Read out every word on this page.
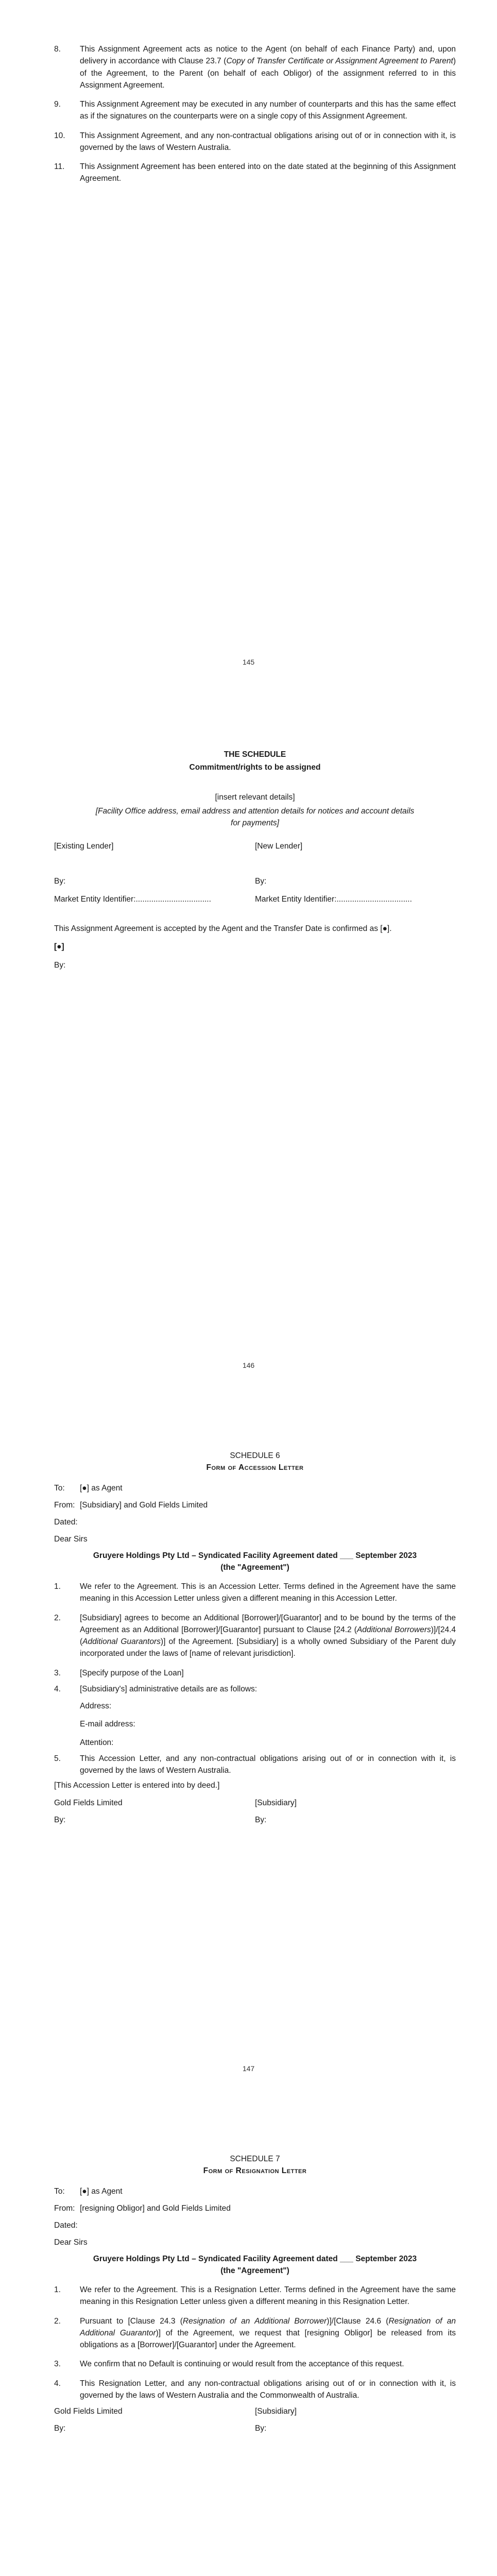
8. This Assignment Agreement acts as notice to the Agent (on behalf of each Finance Party) and, upon delivery in accordance with Clause 23.7 (Copy of Transfer Certificate or Assignment Agreement to Parent) of the Agreement, to the Parent (on behalf of each Obligor) of the assignment referred to in this Assignment Agreement.
9. This Assignment Agreement may be executed in any number of counterparts and this has the same effect as if the signatures on the counterparts were on a single copy of this Assignment Agreement.
10. This Assignment Agreement, and any non-contractual obligations arising out of or in connection with it, is governed by the laws of Western Australia.
11. This Assignment Agreement has been entered into on the date stated at the beginning of this Assignment Agreement.
145
THE SCHEDULE
Commitment/rights to be assigned
[insert relevant details]
[Facility Office address, email address and attention details for notices and account details for payments]
[Existing Lender]	[New Lender]
By:	By:
Market Entity Identifier:..................................	Market Entity Identifier:..................................
This Assignment Agreement is accepted by the Agent and the Transfer Date is confirmed as [●].
[●]
By:
146
SCHEDULE 6
Form of Accession Letter
To: [●] as Agent
From: [Subsidiary] and Gold Fields Limited
Dated:
Dear Sirs
Gruyere Holdings Pty Ltd – Syndicated Facility Agreement dated ___ September 2023
(the "Agreement")
1. We refer to the Agreement. This is an Accession Letter. Terms defined in the Agreement have the same meaning in this Accession Letter unless given a different meaning in this Accession Letter.
2. [Subsidiary] agrees to become an Additional [Borrower]/[Guarantor] and to be bound by the terms of the Agreement as an Additional [Borrower]/[Guarantor] pursuant to Clause [24.2 (Additional Borrowers)]/[24.4 (Additional Guarantors)] of the Agreement. [Subsidiary] is a wholly owned Subsidiary of the Parent duly incorporated under the laws of [name of relevant jurisdiction].
3. [Specify purpose of the Loan]
4. [Subsidiary's] administrative details are as follows:
Address:
E-mail address:
Attention:
5. This Accession Letter, and any non-contractual obligations arising out of or in connection with it, is governed by the laws of Western Australia.
[This Accession Letter is entered into by deed.]
Gold Fields Limited	[Subsidiary]
By:	By:
147
SCHEDULE 7
Form of Resignation Letter
To: [●] as Agent
From: [resigning Obligor] and Gold Fields Limited
Dated:
Dear Sirs
Gruyere Holdings Pty Ltd – Syndicated Facility Agreement dated ___ September 2023
(the "Agreement")
1. We refer to the Agreement. This is a Resignation Letter. Terms defined in the Agreement have the same meaning in this Resignation Letter unless given a different meaning in this Resignation Letter.
2. Pursuant to [Clause 24.3 (Resignation of an Additional Borrower)]/[Clause 24.6 (Resignation of an Additional Guarantor)] of the Agreement, we request that [resigning Obligor] be released from its obligations as a [Borrower]/[Guarantor] under the Agreement.
3. We confirm that no Default is continuing or would result from the acceptance of this request.
4. This Resignation Letter, and any non-contractual obligations arising out of or in connection with it, is governed by the laws of Western Australia and the Commonwealth of Australia.
Gold Fields Limited	[Subsidiary]
By:	By:
